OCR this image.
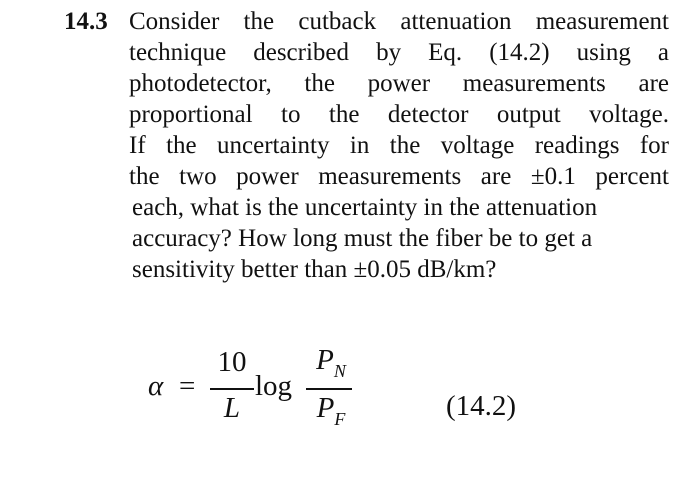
14.3 Consider the cutback attenuation measurement
technique described by Eq. (14.2) using a
photodetector, the power measurements are
proportional to the detector output voltage.
If the uncertainty in the voltage readings for
the two power measurements are ±0.1 percent
each, what is the uncertainty in the attenuation
accuracy? How long must the fiber be to get a
sensitivity better than ±0.05 dB/km?
α =
10
L
log
$P_N$
$P_F$	(14.2)
